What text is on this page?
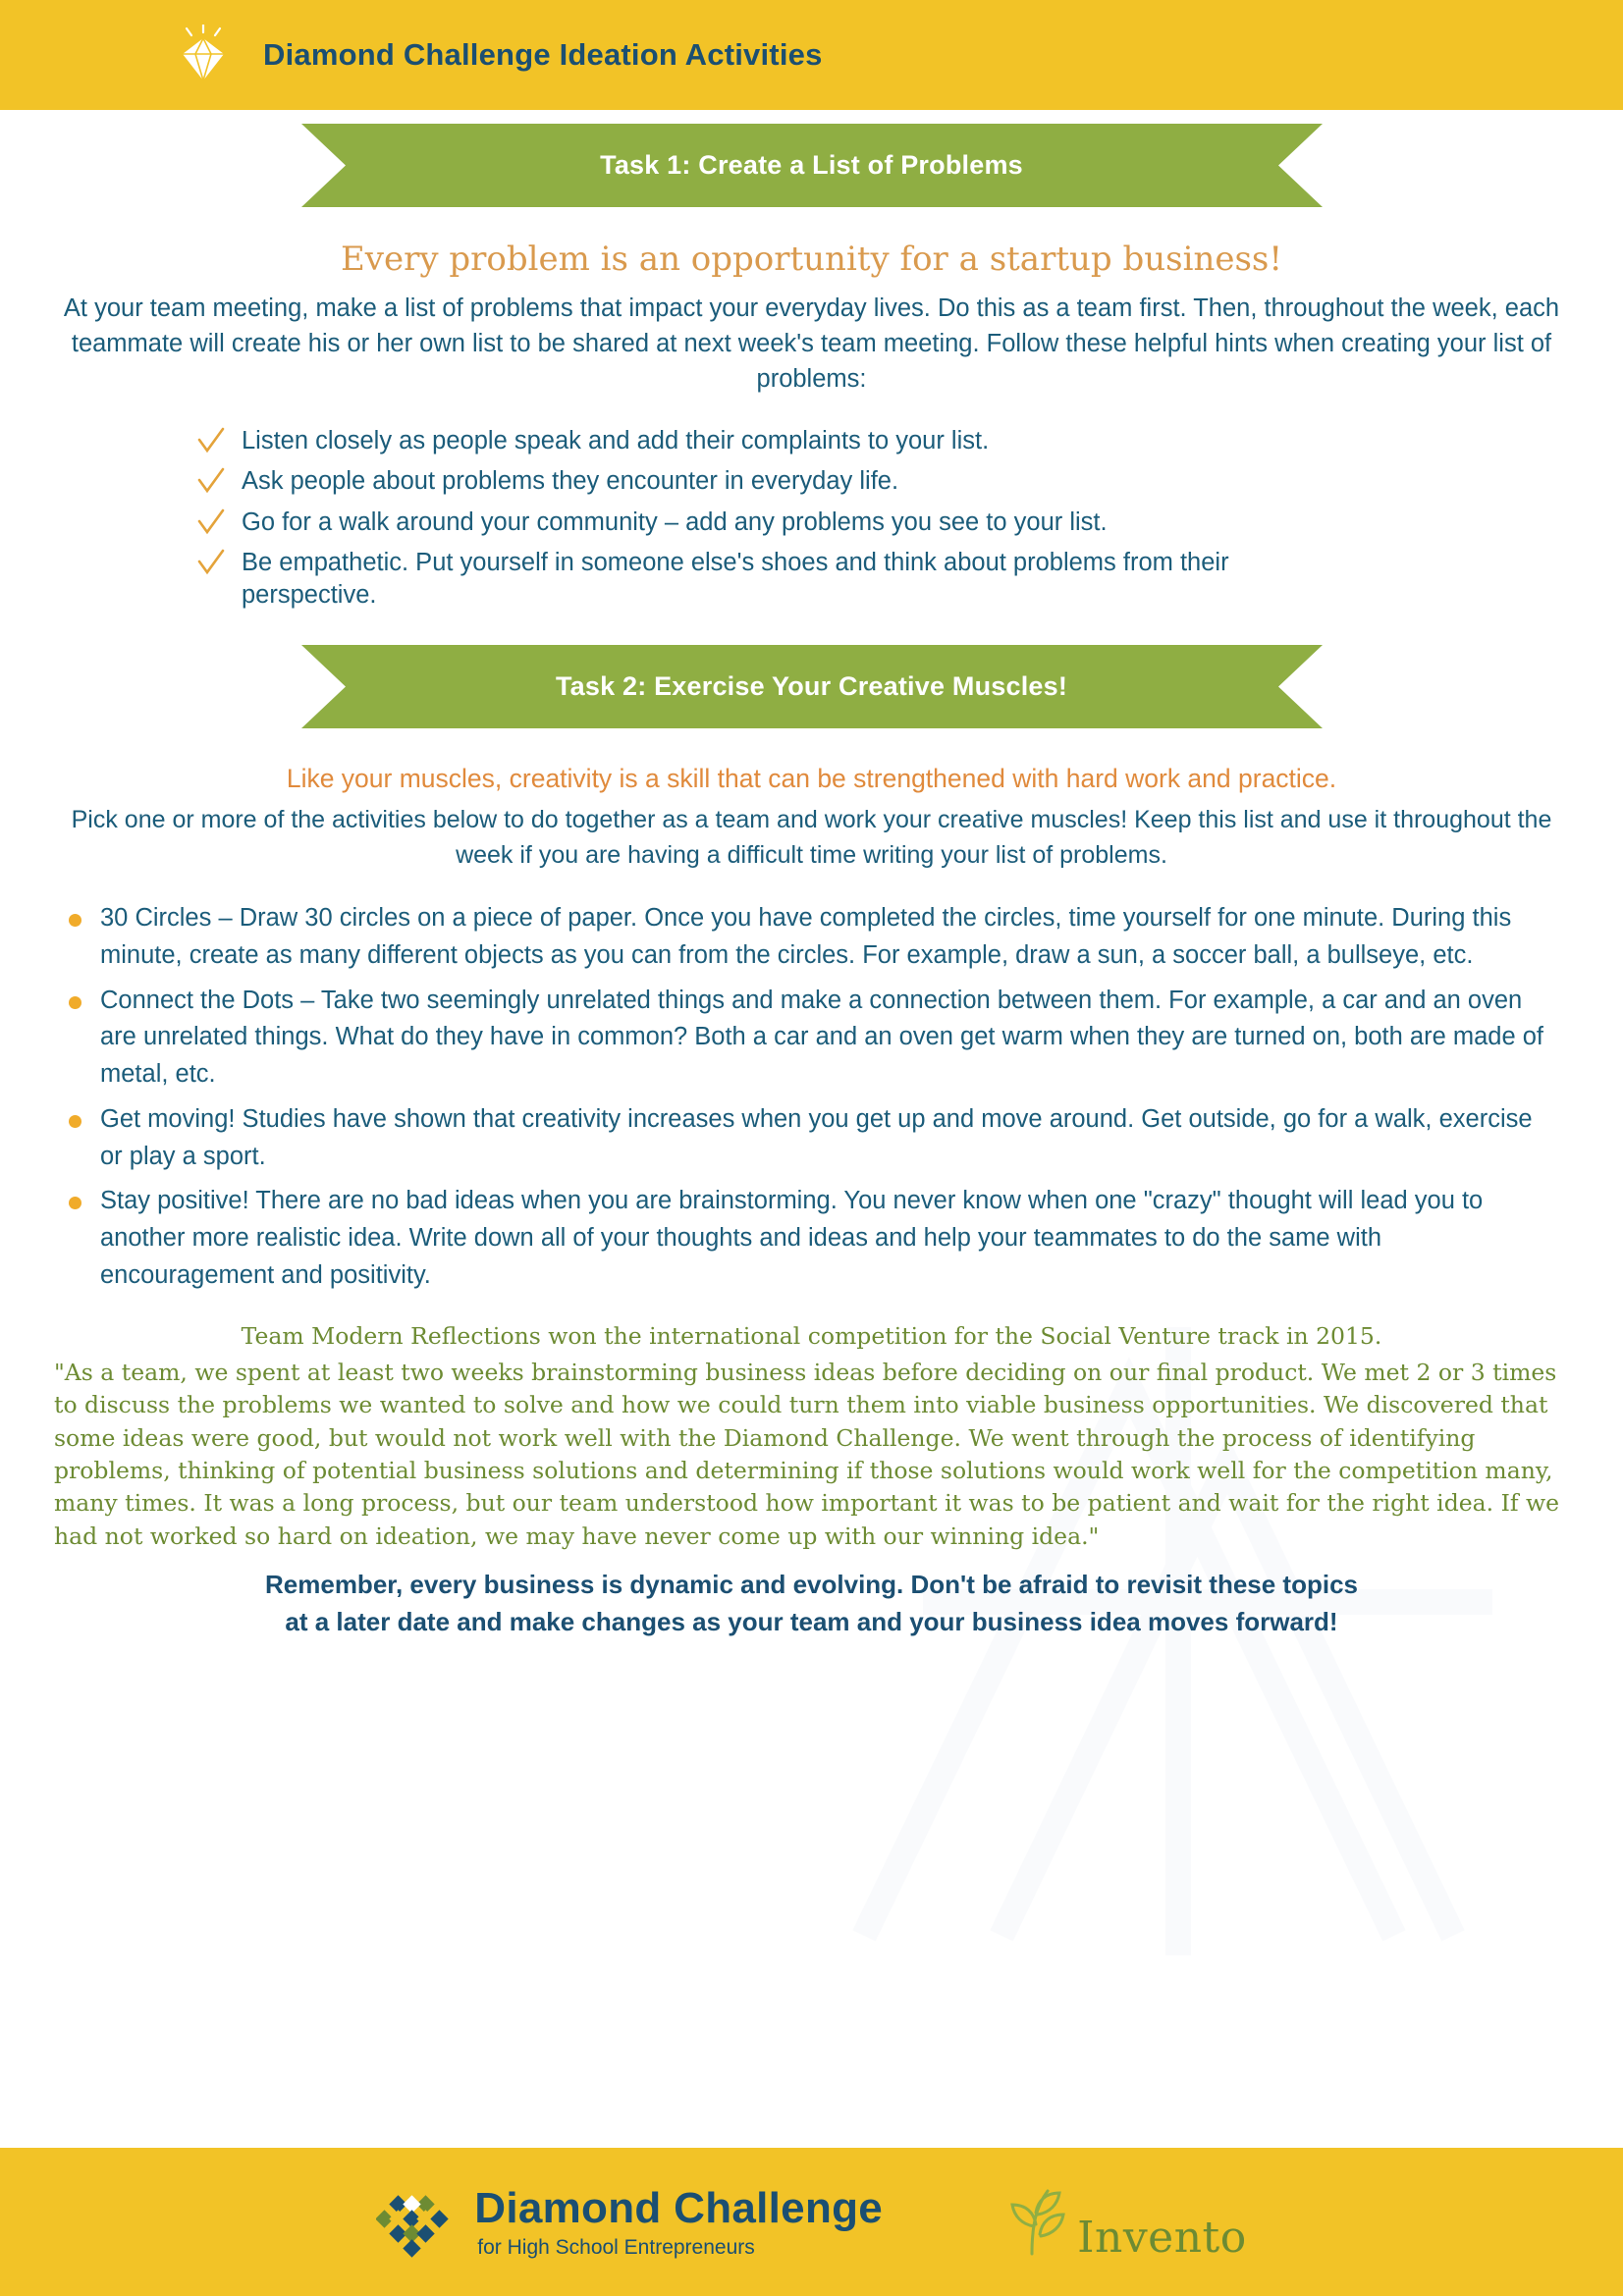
Diamond Challenge Ideation Activities
Task 1: Create a List of Problems
Every problem is an opportunity for a startup business!
At your team meeting, make a list of problems that impact your everyday lives. Do this as a team first. Then, throughout the week, each teammate will create his or her own list to be shared at next week's team meeting. Follow these helpful hints when creating your list of problems:
Listen closely as people speak and add their complaints to your list.
Ask people about problems they encounter in everyday life.
Go for a walk around your community – add any problems you see to your list.
Be empathetic. Put yourself in someone else's shoes and think about problems from their perspective.
Task 2: Exercise Your Creative Muscles!
Like your muscles, creativity is a skill that can be strengthened with hard work and practice.
Pick one or more of the activities below to do together as a team and work your creative muscles! Keep this list and use it throughout the week if you are having a difficult time writing your list of problems.
30 Circles – Draw 30 circles on a piece of paper. Once you have completed the circles, time yourself for one minute. During this minute, create as many different objects as you can from the circles. For example, draw a sun, a soccer ball, a bullseye, etc.
Connect the Dots – Take two seemingly unrelated things and make a connection between them. For example, a car and an oven are unrelated things. What do they have in common? Both a car and an oven get warm when they are turned on, both are made of metal, etc.
Get moving! Studies have shown that creativity increases when you get up and move around. Get outside, go for a walk, exercise or play a sport.
Stay positive! There are no bad ideas when you are brainstorming. You never know when one "crazy" thought will lead you to another more realistic idea. Write down all of your thoughts and ideas and help your teammates to do the same with encouragement and positivity.
Team Modern Reflections won the international competition for the Social Venture track in 2015.
"As a team, we spent at least two weeks brainstorming business ideas before deciding on our final product. We met 2 or 3 times to discuss the problems we wanted to solve and how we could turn them into viable business opportunities. We discovered that some ideas were good, but would not work well with the Diamond Challenge. We went through the process of identifying problems, thinking of potential business solutions and determining if those solutions would work well for the competition many, many times. It was a long process, but our team understood how important it was to be patient and wait for the right idea. If we had not worked so hard on ideation, we may have never come up with our winning idea."
Remember, every business is dynamic and evolving. Don't be afraid to revisit these topics
at a later date and make changes as your team and your business idea moves forward!
Diamond Challenge
for High School Entrepreneurs	Invento
